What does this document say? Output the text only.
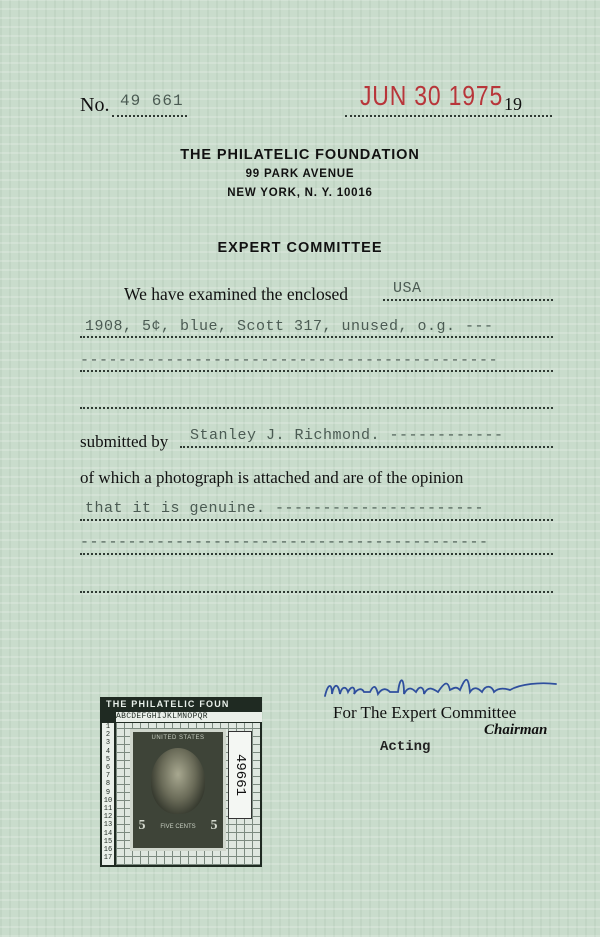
No. 49 661	JUN 30 1975 19
THE PHILATELIC FOUNDATION
99 PARK AVENUE
NEW YORK, N. Y. 10016
EXPERT COMMITTEE
We have examined the enclosed	USA
1908, 5¢, blue, Scott 317, unused, o.g. ---
--------------------------------------------
submitted by Stanley J. Richmond. ------------
of which a photograph is attached and are of the opinion
that it is genuine. ----------------------
-------------------------------------------
For The Expert Committee
Chairman
Acting
THE PHILATELIC FOUN
ABCDEFGHIJKLMNOPQR
1
2
3
4
5
6
7
8
9
10
11
12
13
14
15
16
17
UNITED STATES
5	5
FIVE CENTS
49661
